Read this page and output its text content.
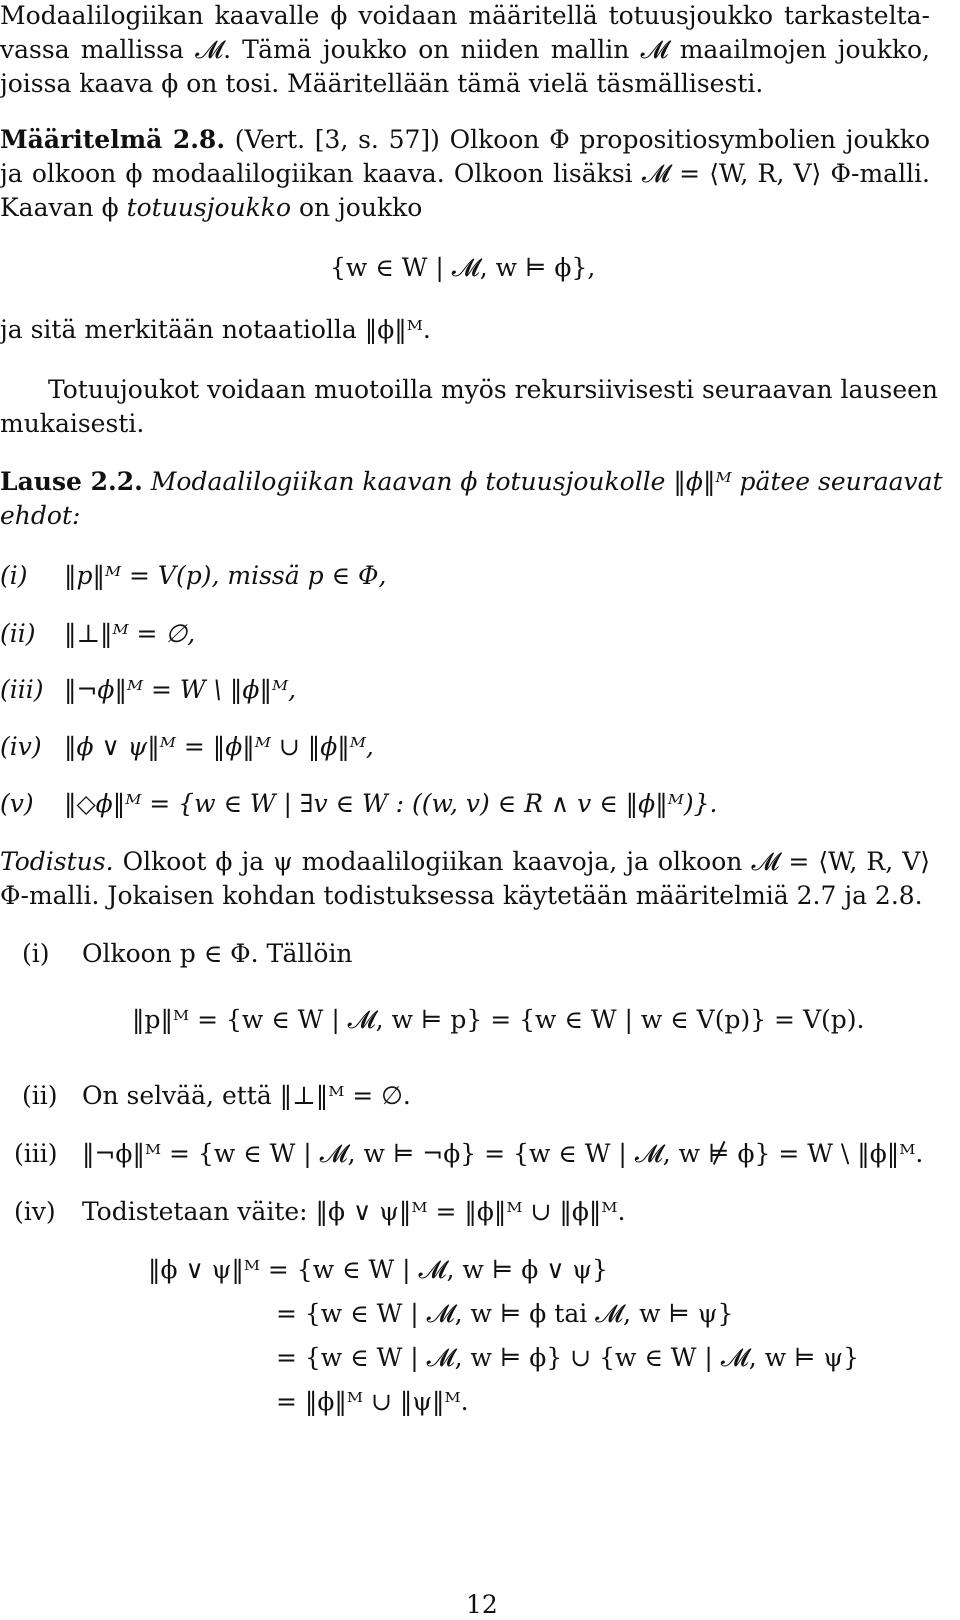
Modaalilogiikan kaavalle ϕ voidaan määritellä totuusjoukko tarkastelta-
vassa mallissa 𝓜. Tämä joukko on niiden mallin 𝓜 maailmojen joukko,
joissa kaava ϕ on tosi. Määritellään tämä vielä täsmällisesti.
Määritelmä 2.8. (Vert. [3, s. 57]) Olkoon Φ propositiosymbolien joukko
ja olkoon ϕ modaalilogiikan kaava. Olkoon lisäksi 𝓜 = ⟨W, R, V⟩ Φ-malli.
Kaavan ϕ totuusjoukko on joukko
{w ∈ W | 𝓜, w ⊨ ϕ},
ja sitä merkitään notaatiolla ‖ϕ‖ᴹ.
Totuujoukot voidaan muotoilla myös rekursiivisesti seuraavan lauseen
mukaisesti.
Lause 2.2. Modaalilogiikan kaavan ϕ totuusjoukolle ‖ϕ‖ᴹ pätee seuraavat
ehdot:
(i) ‖p‖ᴹ = V(p), missä p ∈ Φ,
(ii) ‖⊥‖ᴹ = ∅,
(iii) ‖¬ϕ‖ᴹ = W \ ‖ϕ‖ᴹ,
(iv) ‖ϕ ∨ ψ‖ᴹ = ‖ϕ‖ᴹ ∪ ‖ϕ‖ᴹ,
(v) ‖◇ϕ‖ᴹ = {w ∈ W | ∃v ∈ W : ((w, v) ∈ R ∧ v ∈ ‖ϕ‖ᴹ)}.
Todistus. Olkoot ϕ ja ψ modaalilogiikan kaavoja, ja olkoon 𝓜 = ⟨W, R, V⟩
Φ-malli. Jokaisen kohdan todistuksessa käytetään määritelmiä 2.7 ja 2.8.
(i) Olkoon p ∈ Φ. Tällöin
‖p‖ᴹ = {w ∈ W | 𝓜, w ⊨ p} = {w ∈ W | w ∈ V(p)} = V(p).
(ii) On selvää, että ‖⊥‖ᴹ = ∅.
(iii) ‖¬ϕ‖ᴹ = {w ∈ W | 𝓜, w ⊨ ¬ϕ} = {w ∈ W | 𝓜, w ⊭ ϕ} = W \ ‖ϕ‖ᴹ.
(iv) Todistetaan väite: ‖ϕ ∨ ψ‖ᴹ = ‖ϕ‖ᴹ ∪ ‖ϕ‖ᴹ.
‖ϕ ∨ ψ‖ᴹ = {w ∈ W | 𝓜, w ⊨ ϕ ∨ ψ}
= {w ∈ W | 𝓜, w ⊨ ϕ tai 𝓜, w ⊨ ψ}
= {w ∈ W | 𝓜, w ⊨ ϕ} ∪ {w ∈ W | 𝓜, w ⊨ ψ}
= ‖ϕ‖ᴹ ∪ ‖ψ‖ᴹ.
12
